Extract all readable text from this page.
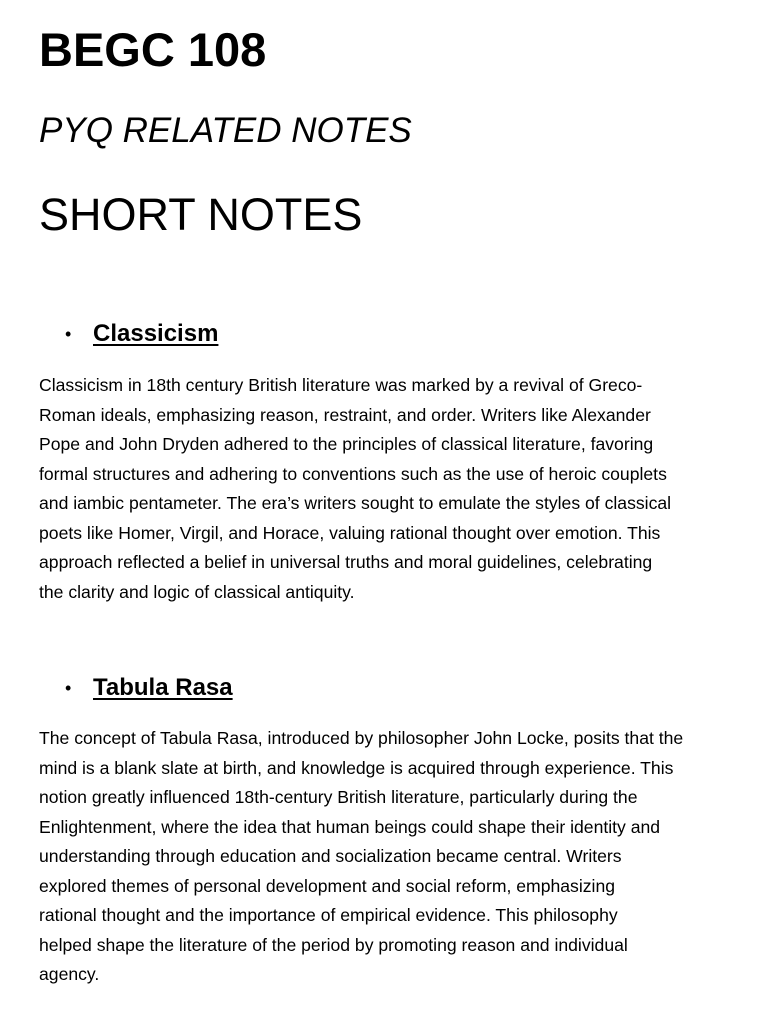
BEGC 108
PYQ RELATED NOTES
SHORT NOTES
• Classicism
Classicism in 18th century British literature was marked by a revival of Greco-
Roman ideals, emphasizing reason, restraint, and order. Writers like Alexander
Pope and John Dryden adhered to the principles of classical literature, favoring
formal structures and adhering to conventions such as the use of heroic couplets
and iambic pentameter. The era’s writers sought to emulate the styles of classical
poets like Homer, Virgil, and Horace, valuing rational thought over emotion. This
approach reflected a belief in universal truths and moral guidelines, celebrating
the clarity and logic of classical antiquity.
• Tabula Rasa
The concept of Tabula Rasa, introduced by philosopher John Locke, posits that the
mind is a blank slate at birth, and knowledge is acquired through experience. This
notion greatly influenced 18th-century British literature, particularly during the
Enlightenment, where the idea that human beings could shape their identity and
understanding through education and socialization became central. Writers
explored themes of personal development and social reform, emphasizing
rational thought and the importance of empirical evidence. This philosophy
helped shape the literature of the period by promoting reason and individual
agency.
